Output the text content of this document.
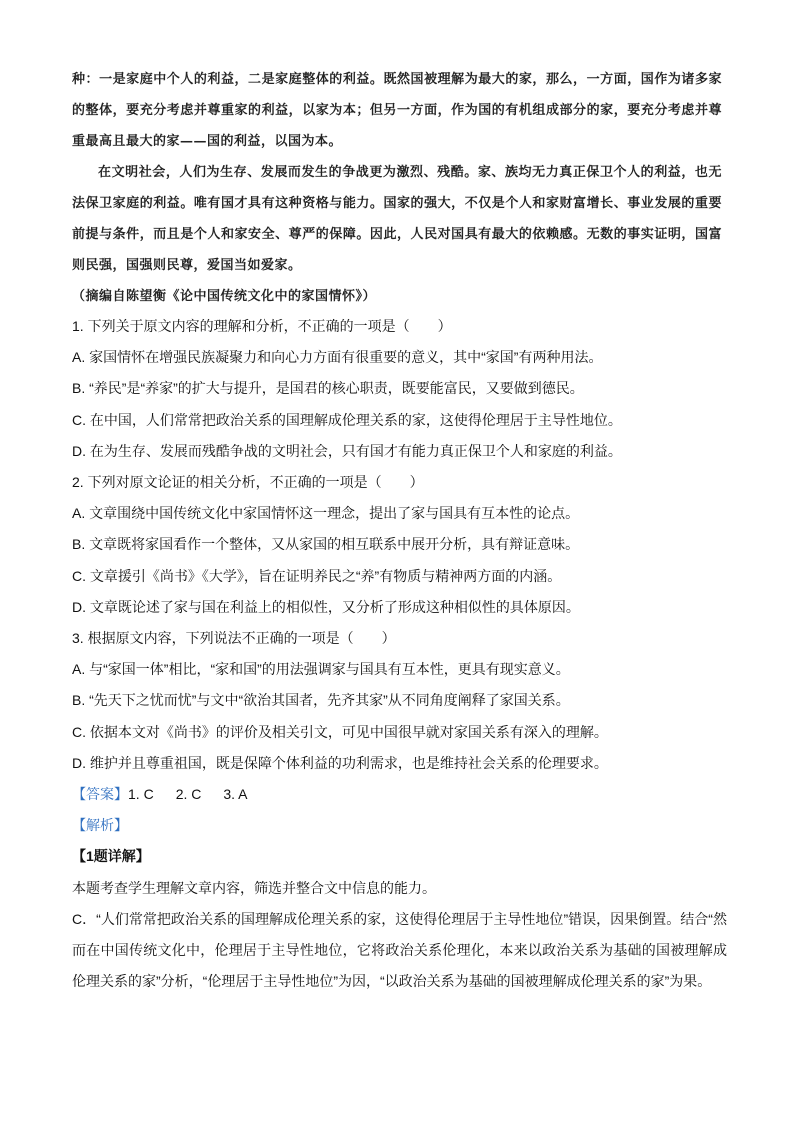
种：一是家庭中个人的利益，二是家庭整体的利益。既然国被理解为最大的家，那么，一方面，国作为诸多家的整体，要充分考虑并尊重家的利益，以家为本；但另一方面，作为国的有机组成部分的家，要充分考虑并尊重最高且最大的家——国的利益，以国为本。

在文明社会，人们为生存、发展而发生的争战更为激烈、残酷。家、族均无力真正保卫个人的利益，也无法保卫家庭的利益。唯有国才具有这种资格与能力。国家的强大，不仅是个人和家财富增长、事业发展的重要前提与条件，而且是个人和家安全、尊严的保障。因此，人民对国具有最大的依赖感。无数的事实证明，国富则民强，国强则民尊，爱国当如爱家。

（摘编自陈望衡《论中国传统文化中的家国情怀》）

1. 下列关于原文内容的理解和分析，不正确的一项是（　　）
A. 家国情怀在增强民族凝聚力和向心力方面有很重要的意义，其中“家国”有两种用法。
B. “养民”是“养家”的扩大与提升，是国君的核心职责，既要能富民，又要做到德民。
C. 在中国，人们常常把政治关系的国理解成伦理关系的家，这使得伦理居于主导性地位。
D. 在为生存、发展而残酷争战的文明社会，只有国才有能力真正保卫个人和家庭的利益。
2. 下列对原文论证的相关分析，不正确的一项是（　　）
A. 文章围绕中国传统文化中家国情怀这一理念，提出了家与国具有互本性的论点。
B. 文章既将家国看作一个整体，又从家国的相互联系中展开分析，具有辩证意味。
C. 文章援引《尚书》《大学》，旨在证明养民之“养”有物质与精神两方面的内涵。
D. 文章既论述了家与国在利益上的相似性，又分析了形成这种相似性的具体原因。
3. 根据原文内容，下列说法不正确的一项是（　　）
A. 与“家国一体”相比，“家和国”的用法强调家与国具有互本性，更具有现实意义。
B. “先天下之忧而忧”与文中“欲治其国者，先齐其家”从不同角度阐释了家国关系。
C. 依据本文对《尚书》的评价及相关引文，可见中国很早就对家国关系有深入的理解。
D. 维护并且尊重祖国，既是保障个体利益的功利需求，也是维持社会关系的伦理要求。
【答案】1. C 2. C 3. A
【解析】
【1题详解】
本题考查学生理解文章内容，筛选并整合文中信息的能力。
C．“人们常常把政治关系的国理解成伦理关系的家，这使得伦理居于主导性地位”错误，因果倒置。结合“然而在中国传统文化中，伦理居于主导性地位，它将政治关系伦理化，本来以政治关系为基础的国被理解成伦理关系的家”分析，“伦理居于主导性地位”为因，“以政治关系为基础的国被理解成伦理关系的家”为果。
